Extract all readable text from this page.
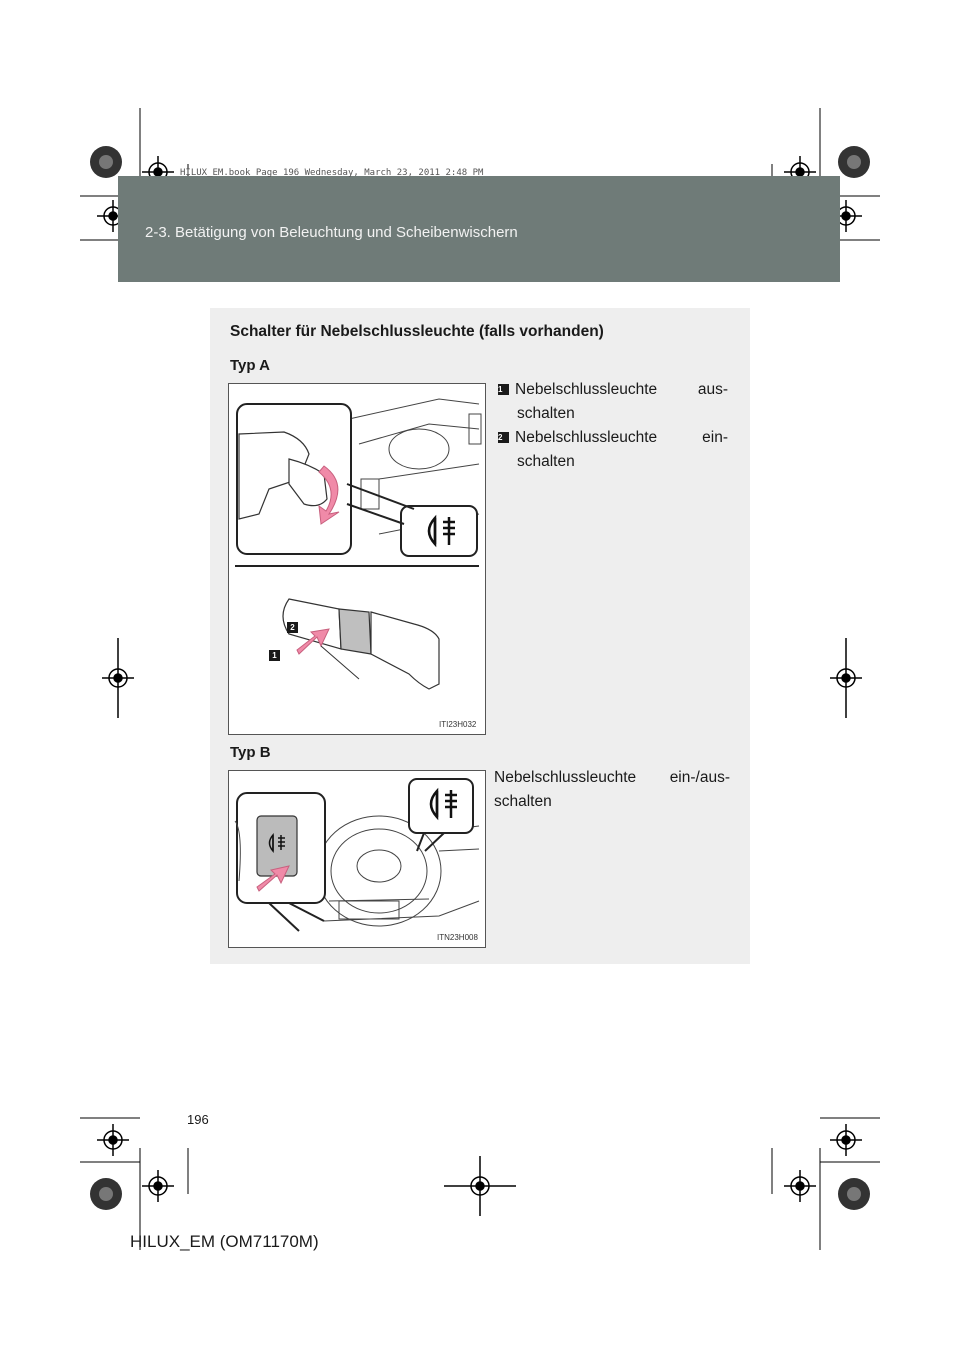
HILUX_EM.book Page 196 Wednesday, March 23, 2011 2:48 PM
2-3. Betätigung von Beleuchtung und Scheibenwischern
Schalter für Nebelschlussleuchte (falls vorhanden)
Typ A
1 Nebelschlussleuchte aus-
schalten
2 Nebelschlussleuchte ein-
schalten
2
1
ITI23H032
Typ B
Nebelschlussleuchte ein-/aus-
schalten
ITN23H008
196
HILUX_EM (OM71170M)
